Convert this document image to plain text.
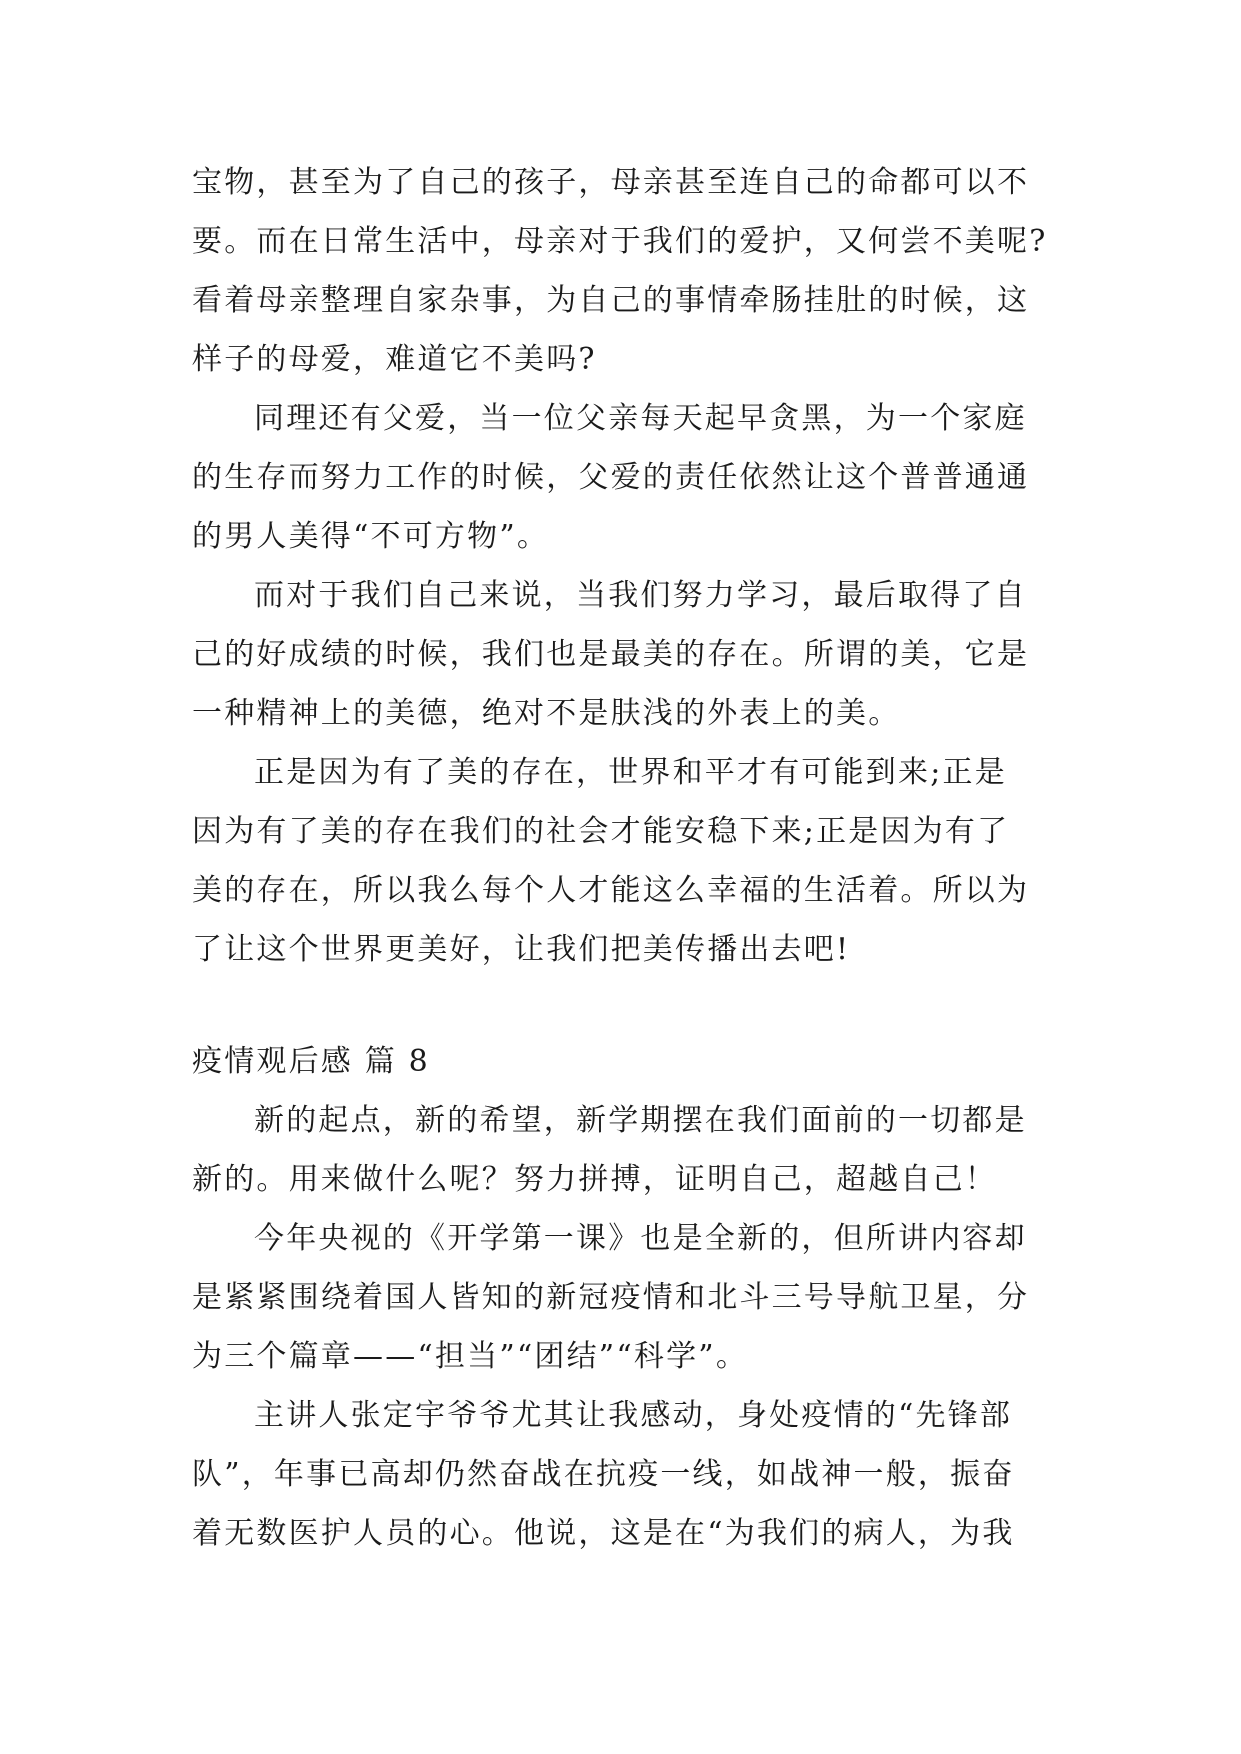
宝物，甚至为了自己的孩子，母亲甚至连自己的命都可以不
要。而在日常生活中，母亲对于我们的爱护，又何尝不美呢?
看着母亲整理自家杂事，为自己的事情牵肠挂肚的时候，这
样子的母爱，难道它不美吗?
同理还有父爱，当一位父亲每天起早贪黑，为一个家庭
的生存而努力工作的时候，父爱的责任依然让这个普普通通
的男人美得“不可方物”。
而对于我们自己来说，当我们努力学习，最后取得了自
己的好成绩的时候，我们也是最美的存在。所谓的美，它是
一种精神上的美德，绝对不是肤浅的外表上的美。
正是因为有了美的存在，世界和平才有可能到来;正是
因为有了美的存在我们的社会才能安稳下来;正是因为有了
美的存在，所以我么每个人才能这么幸福的生活着。所以为
了让这个世界更美好，让我们把美传播出去吧!
疫情观后感 篇 8
新的起点，新的希望，新学期摆在我们面前的一切都是
新的。用来做什么呢？努力拼搏，证明自己，超越自己！
今年央视的《开学第一课》也是全新的，但所讲内容却
是紧紧围绕着国人皆知的新冠疫情和北斗三号导航卫星，分
为三个篇章——“担当”“团结”“科学”。
主讲人张定宇爷爷尤其让我感动，身处疫情的“先锋部
队”，年事已高却仍然奋战在抗疫一线，如战神一般，振奋
着无数医护人员的心。他说，这是在“为我们的病人，为我
